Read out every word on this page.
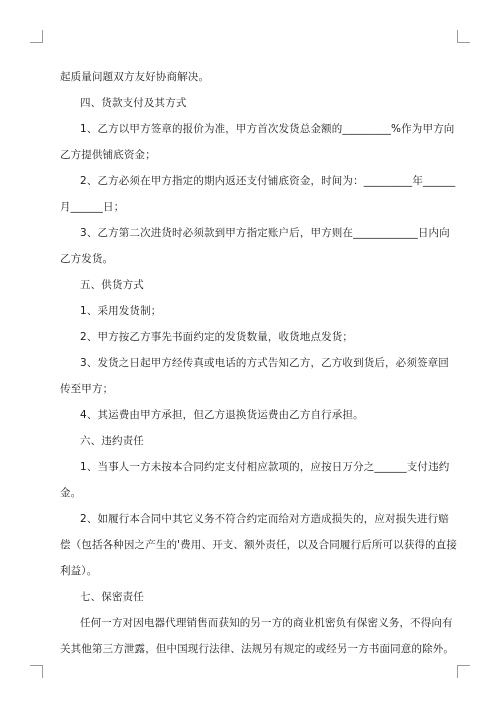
起质量问题双方友好协商解决。
四、货款支付及其方式
1、乙方以甲方签章的报价为准，甲方首次发货总金额的_________%作为甲方向
乙方提供铺底资金；
2、乙方必须在甲方指定的期内返还支付铺底资金，时间为：_________年______
月______日；
3、乙方第二次进货时必须款到甲方指定账户后，甲方则在____________日内向
乙方发货。
五、供货方式
1、采用发货制；
2、甲方按乙方事先书面约定的发货数量，收货地点发货；
3、发货之日起甲方经传真或电话的方式告知乙方，乙方收到货后，必须签章回
传至甲方；
4、其运费由甲方承担，但乙方退换货运费由乙方自行承担。
六、违约责任
1、当事人一方未按本合同约定支付相应款项的，应按日万分之______支付违约
金。
2、如履行本合同中其它义务不符合约定而给对方造成损失的，应对损失进行赔
偿（包括各种因之产生的'费用、开支、额外责任，以及合同履行后所可以获得的直接
利益）。
七、保密责任
任何一方对因电器代理销售而获知的另一方的商业机密负有保密义务，不得向有
关其他第三方泄露，但中国现行法律、法规另有规定的或经另一方书面同意的除外。
